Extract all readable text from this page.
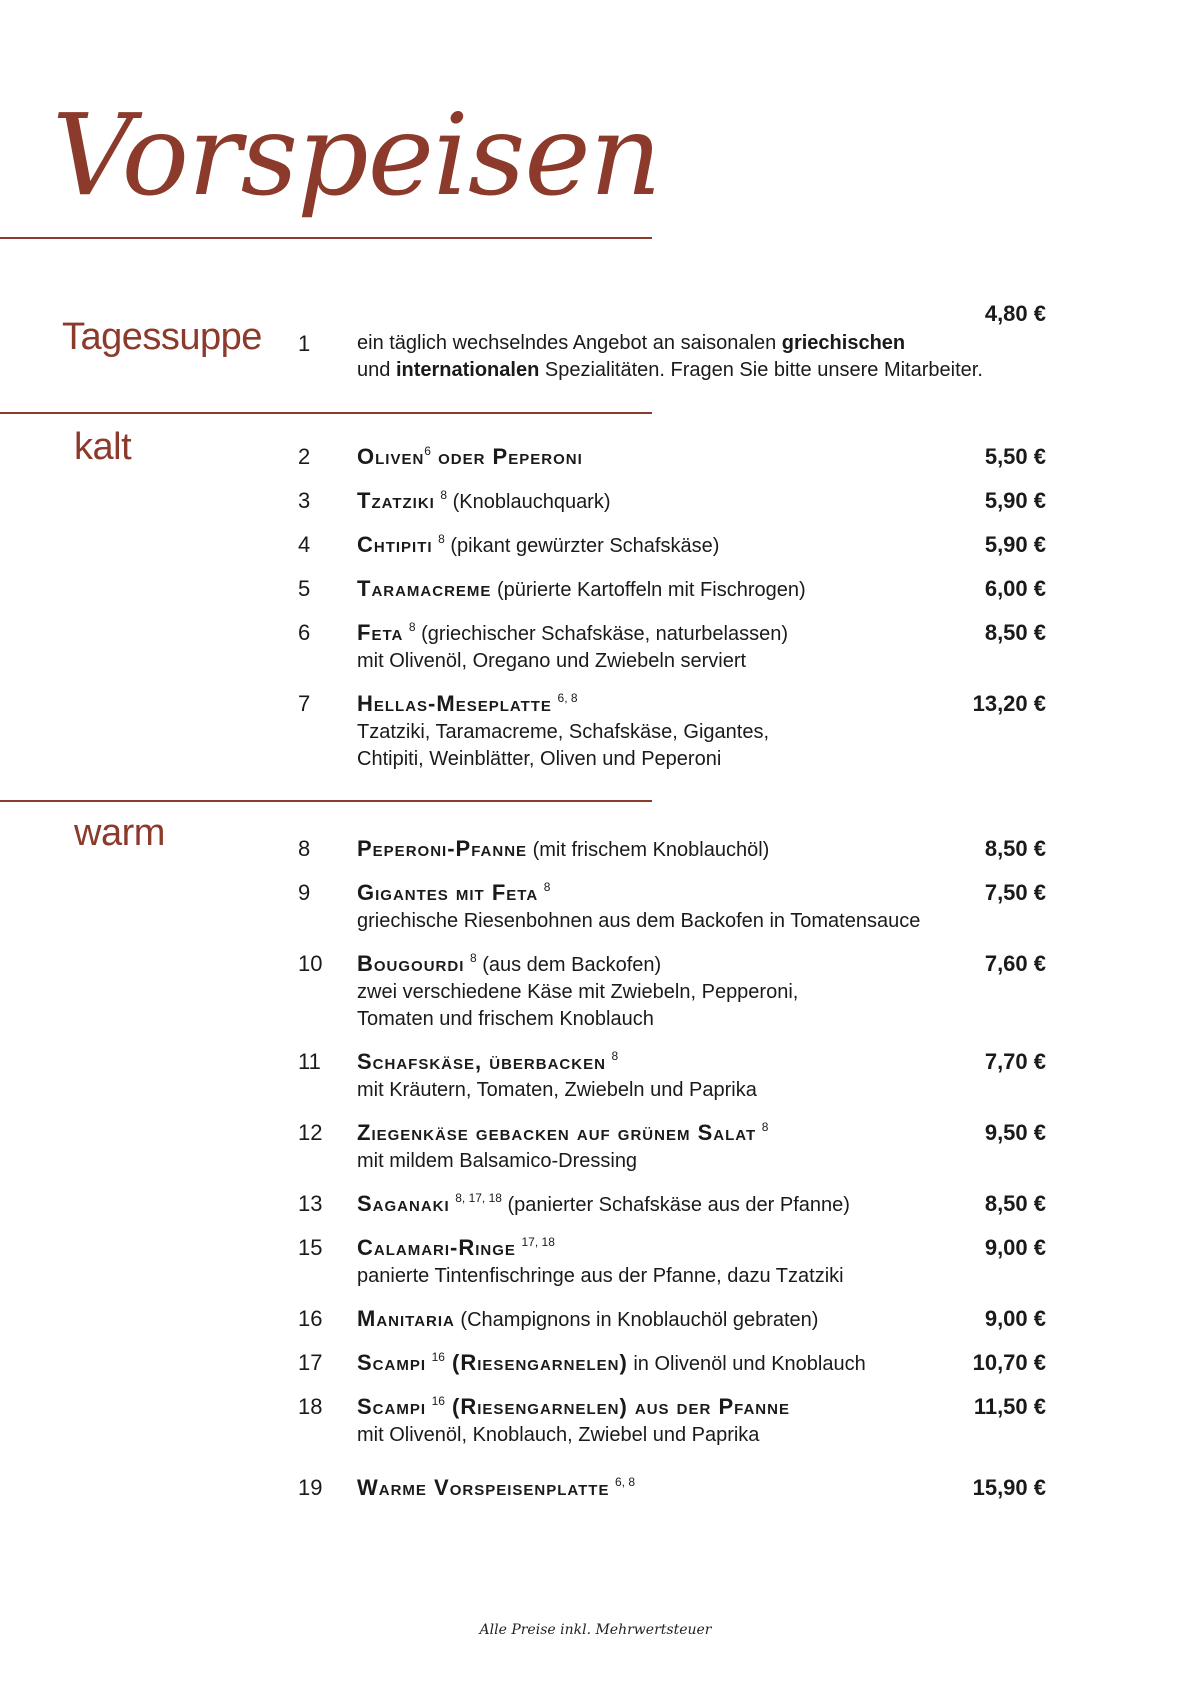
Vorspeisen
Tagessuppe
4,80 €
1 ein täglich wechselndes Angebot an saisonalen griechischen
und internationalen Spezialitäten. Fragen Sie bitte unsere Mitarbeiter.
kalt	2 Oliven$^6$ oder Peperoni	5,50 €
3 Tzatziki $^8$ (Knoblauchquark)	5,90 €
4 Chtipiti $^8$ (pikant gewürzter Schafskäse)	5,90 €
5 Taramacreme (pürierte Kartoffeln mit Fischrogen)	6,00 €
6 Feta $^8$ (griechischer Schafskäse, naturbelassen)
mit Olivenöl, Oregano und Zwiebeln serviert
8,50 €
7 Hellas-Meseplatte $^{6, 8}$
Tzatziki, Taramacreme, Schafskäse, Gigantes,
Chtipiti, Weinblätter, Oliven und Peperoni
13,20 €
warm	8 Peperoni-Pfanne (mit frischem Knoblauchöl)	8,50 €
9 Gigantes mit Feta $^8$
griechische Riesenbohnen aus dem Backofen in Tomatensauce
7,50 €
10 Bougourdi $^8$ (aus dem Backofen)
zwei verschiedene Käse mit Zwiebeln, Pepperoni,
Tomaten und frischem Knoblauch
7,60 €
11 Schafskäse, überbacken $^8$
mit Kräutern, Tomaten, Zwiebeln und Paprika
7,70 €
12 Ziegenkäse gebacken auf grünem Salat $^8$
mit mildem Balsamico-Dressing
9,50 €
13 Saganaki $^{8, 17, 18}$ (panierter Schafskäse aus der Pfanne)	8,50 €
15 Calamari-Ringe $^{17, 18}$
panierte Tintenfischringe aus der Pfanne, dazu Tzatziki
9,00 €
16 Manitaria (Champignons in Knoblauchöl gebraten)	9,00 €
17 Scampi $^{16}$ (Riesengarnelen) in Olivenöl und Knoblauch	10,70 €
18 Scampi $^{16}$ (Riesengarnelen) aus der Pfanne
mit Olivenöl, Knoblauch, Zwiebel und Paprika
11,50 €
19 Warme Vorspeisenplatte $^{6, 8}$	15,90 €
Alle Preise inkl. Mehrwertsteuer
